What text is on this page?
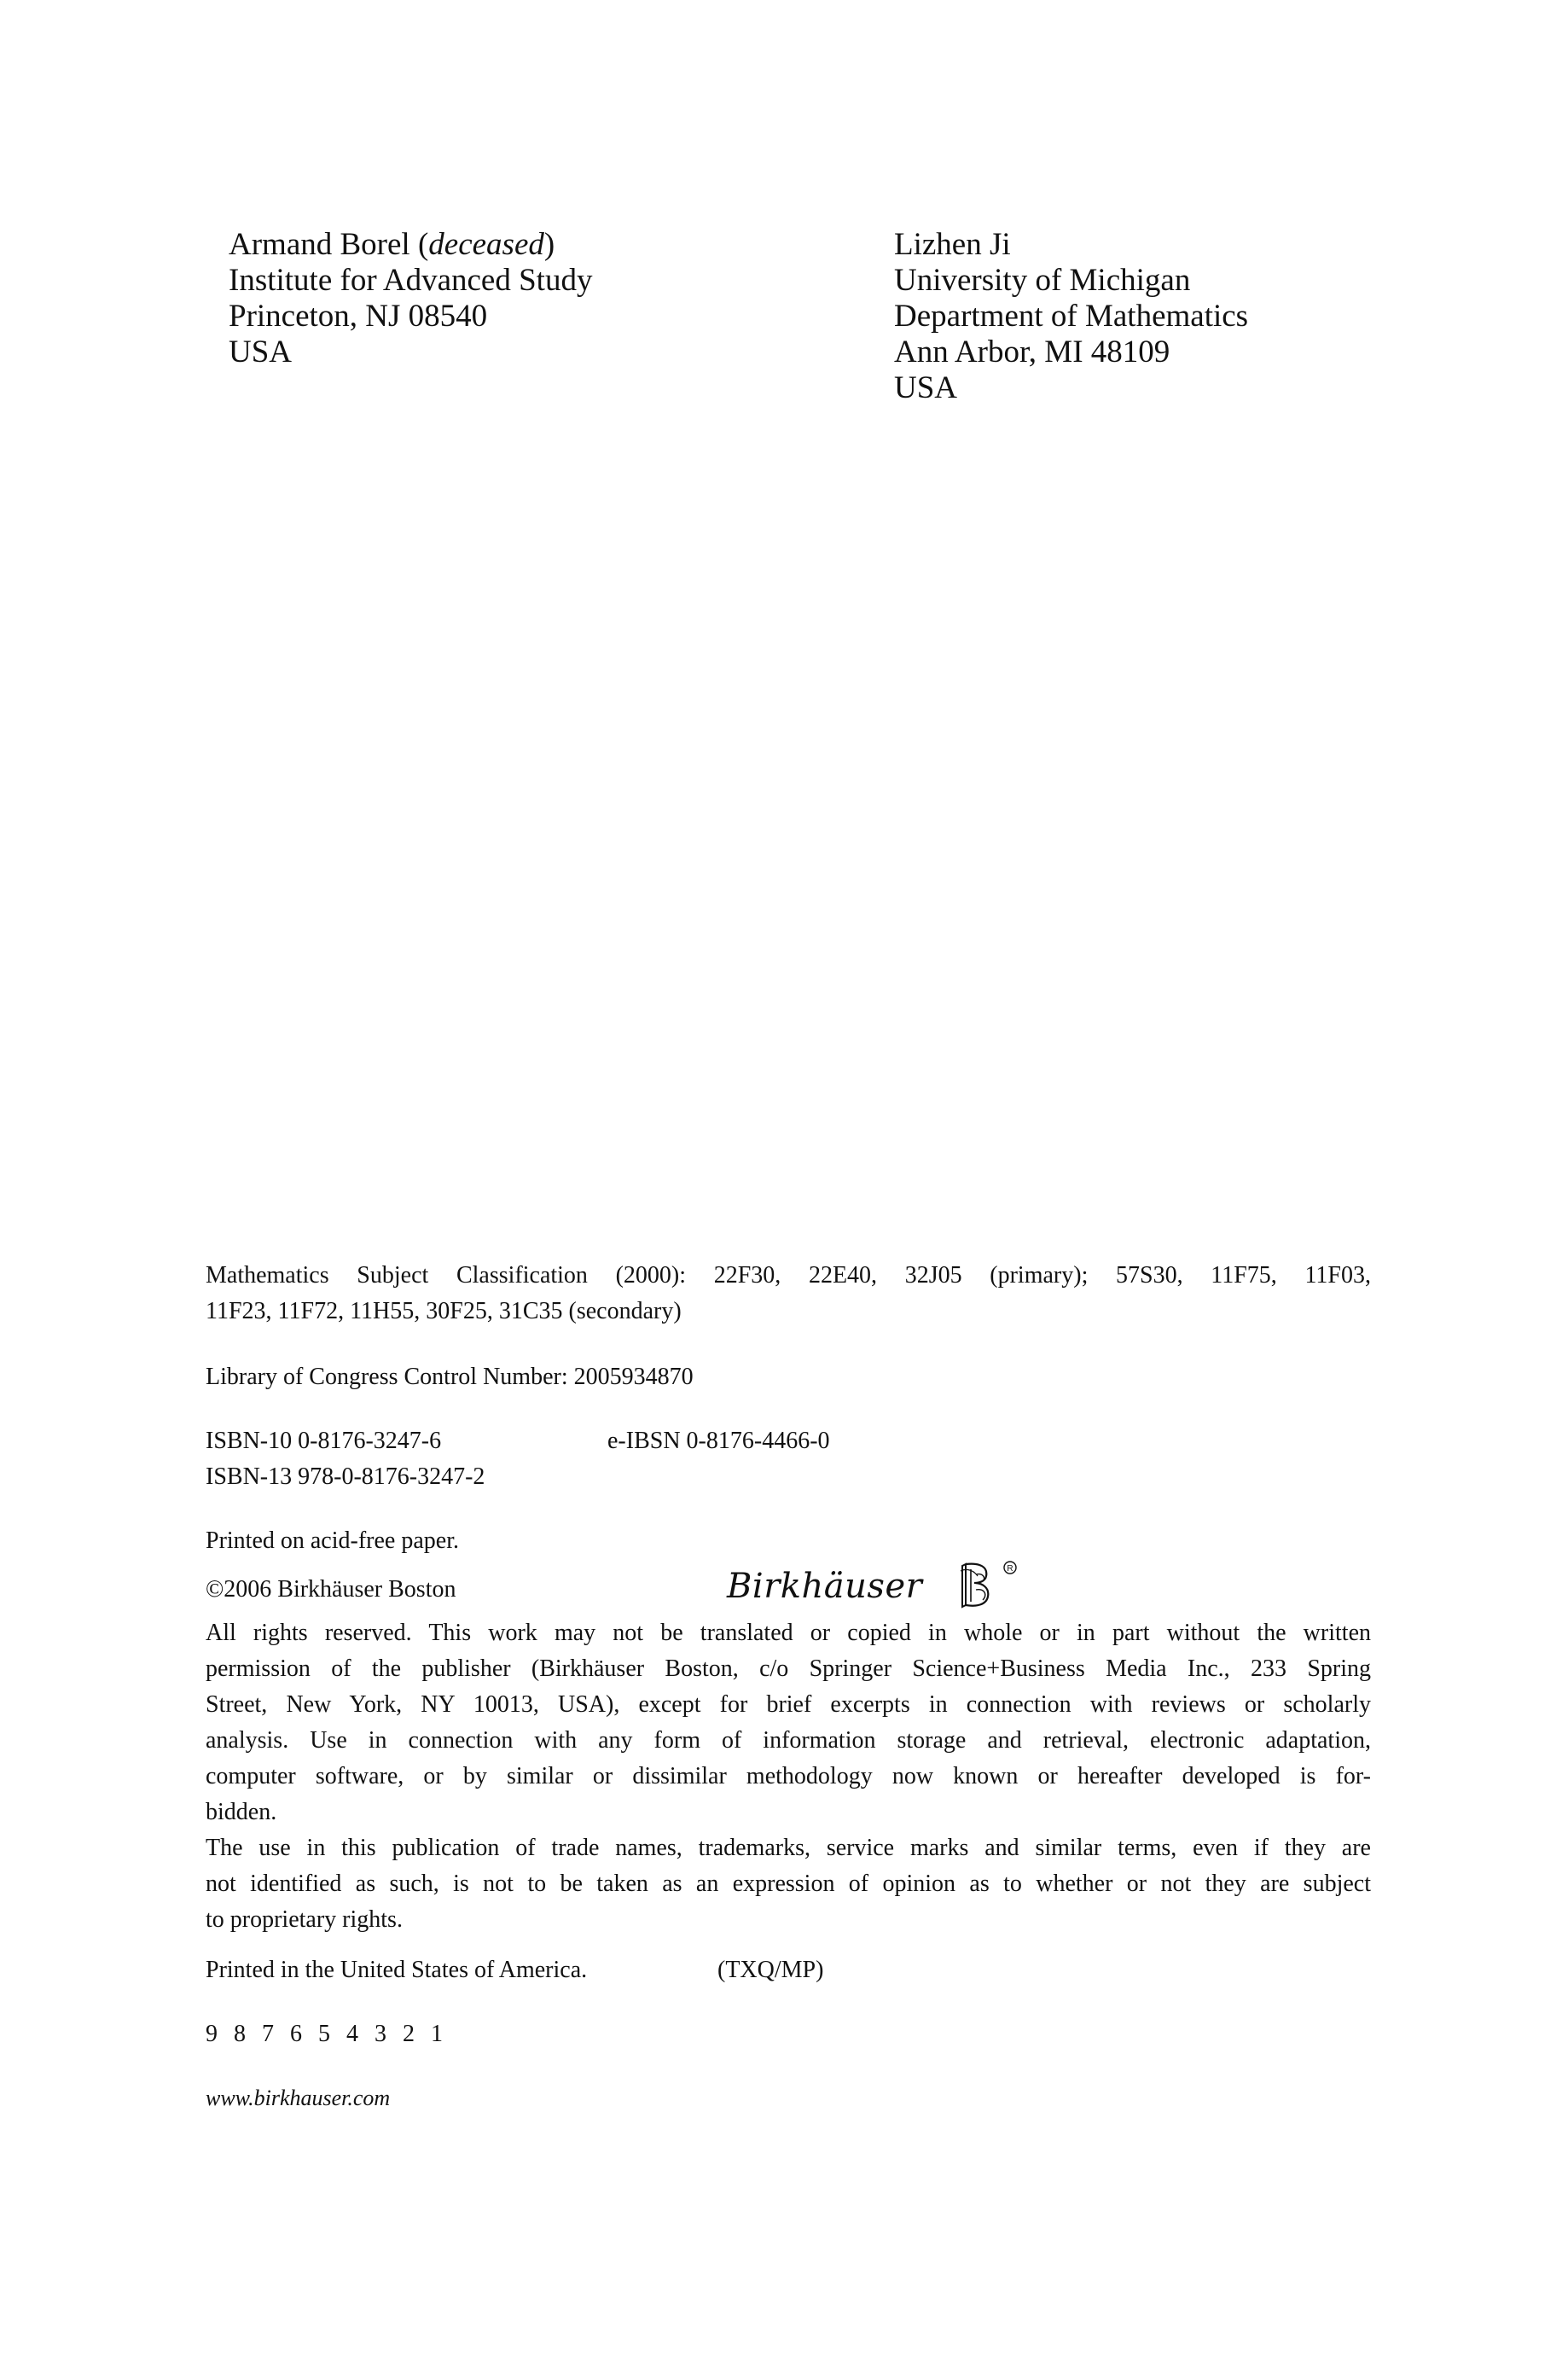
Armand Borel (deceased)
Institute for Advanced Study
Princeton, NJ 08540
USA
Lizhen Ji
University of Michigan
Department of Mathematics
Ann Arbor, MI 48109
USA
Mathematics Subject Classification (2000): 22F30, 22E40, 32J05 (primary); 57S30, 11F75, 11F03,
11F23, 11F72, 11H55, 30F25, 31C35 (secondary)
Library of Congress Control Number: 2005934870
ISBN-10 0-8176-3247-6	e-IBSN 0-8176-4466-0
ISBN-13 978-0-8176-3247-2
Printed on acid-free paper.
©2006 Birkhäuser Boston	Birkhäuser	R
All rights reserved. This work may not be translated or copied in whole or in part without the written
permission of the publisher (Birkhäuser Boston, c/o Springer Science+Business Media Inc., 233 Spring
Street, New York, NY 10013, USA), except for brief excerpts in connection with reviews or scholarly
analysis. Use in connection with any form of information storage and retrieval, electronic adaptation,
computer software, or by similar or dissimilar methodology now known or hereafter developed is for-
bidden.
The use in this publication of trade names, trademarks, service marks and similar terms, even if they are
not identified as such, is not to be taken as an expression of opinion as to whether or not they are subject
to proprietary rights.
Printed in the United States of America.	(TXQ/MP)
9 8 7 6 5 4 3 2 1
www.birkhauser.com
